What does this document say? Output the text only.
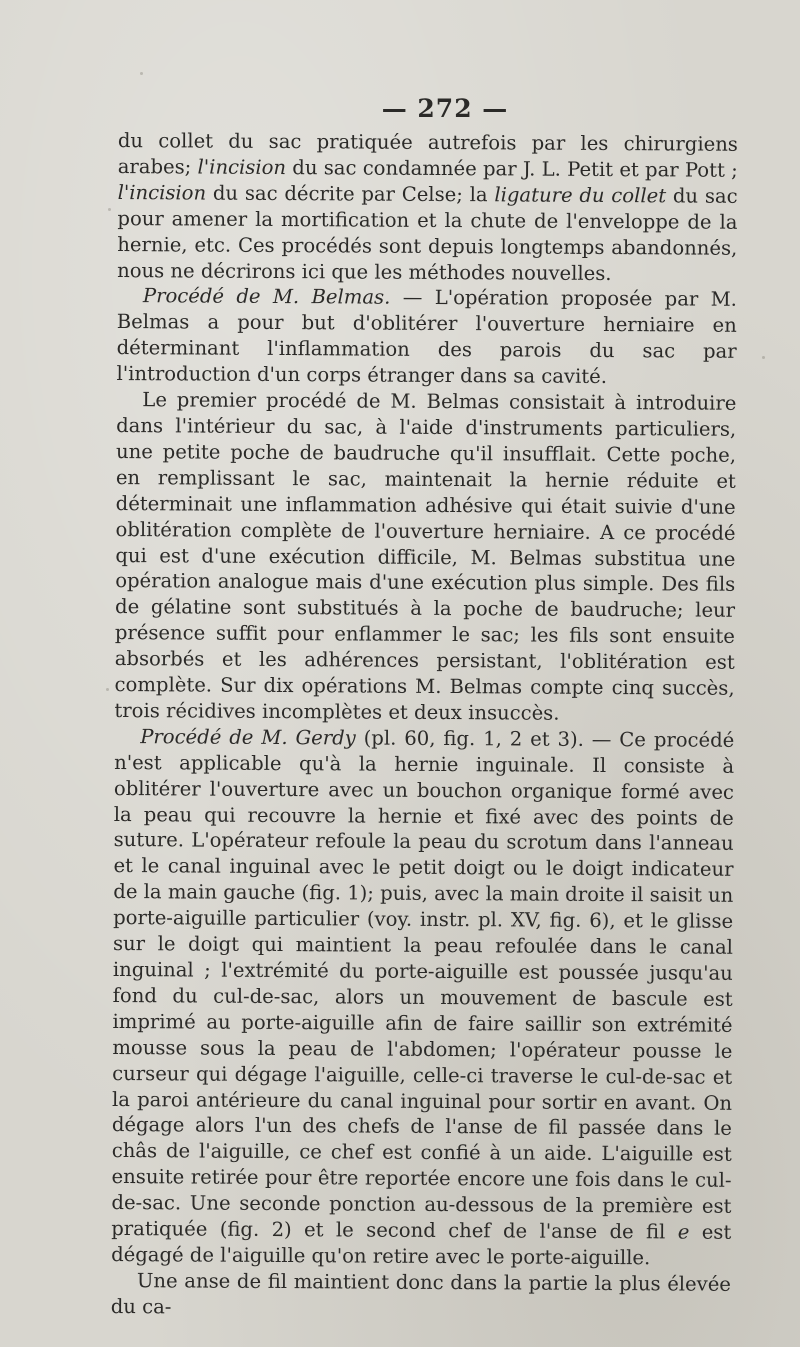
— 272 —

du collet du sac pratiquée autrefois par les chirurgiens arabes; l'incision du sac condamnée par J. L. Petit et par Pott ; l'incision du sac décrite par Celse; la ligature du collet du sac pour amener la mortification et la chute de l'enveloppe de la hernie, etc. Ces procédés sont depuis longtemps abandonnés, nous ne décrirons ici que les méthodes nouvelles.

Procédé de M. Belmas. — L'opération proposée par M. Belmas a pour but d'oblitérer l'ouverture herniaire en déterminant l'inflammation des parois du sac par l'introduction d'un corps étranger dans sa cavité.

Le premier procédé de M. Belmas consistait à introduire dans l'intérieur du sac, à l'aide d'instruments particuliers, une petite poche de baudruche qu'il insufflait. Cette poche, en remplissant le sac, maintenait la hernie réduite et déterminait une inflammation adhésive qui était suivie d'une oblitération complète de l'ouverture herniaire. A ce procédé qui est d'une exécution difficile, M. Belmas substitua une opération analogue mais d'une exécution plus simple. Des fils de gélatine sont substitués à la poche de baudruche; leur présence suffit pour enflammer le sac; les fils sont ensuite absorbés et les adhérences persistant, l'oblitération est complète. Sur dix opérations M. Belmas compte cinq succès, trois récidives incomplètes et deux insuccès.

Procédé de M. Gerdy (pl. 60, fig. 1, 2 et 3). — Ce procédé n'est applicable qu'à la hernie inguinale. Il consiste à oblitérer l'ouverture avec un bouchon organique formé avec la peau qui recouvre la hernie et fixé avec des points de suture. L'opérateur refoule la peau du scrotum dans l'anneau et le canal inguinal avec le petit doigt ou le doigt indicateur de la main gauche (fig. 1); puis, avec la main droite il saisit un porte-aiguille particulier (voy. instr. pl. XV, fig. 6), et le glisse sur le doigt qui maintient la peau refoulée dans le canal inguinal ; l'extrémité du porte-aiguille est poussée jusqu'au fond du cul-de-sac, alors un mouvement de bascule est imprimé au porte-aiguille afin de faire saillir son extrémité mousse sous la peau de l'abdomen; l'opérateur pousse le curseur qui dégage l'aiguille, celle-ci traverse le cul-de-sac et la paroi antérieure du canal inguinal pour sortir en avant. On dégage alors l'un des chefs de l'anse de fil passée dans le châs de l'aiguille, ce chef est confié à un aide. L'aiguille est ensuite retirée pour être reportée encore une fois dans le cul-de-sac. Une seconde ponction au-dessous de la première est pratiquée (fig. 2) et le second chef de l'anse de fil e est dégagé de l'aiguille qu'on retire avec le porte-aiguille.

Une anse de fil maintient donc dans la partie la plus élevée du ca-
